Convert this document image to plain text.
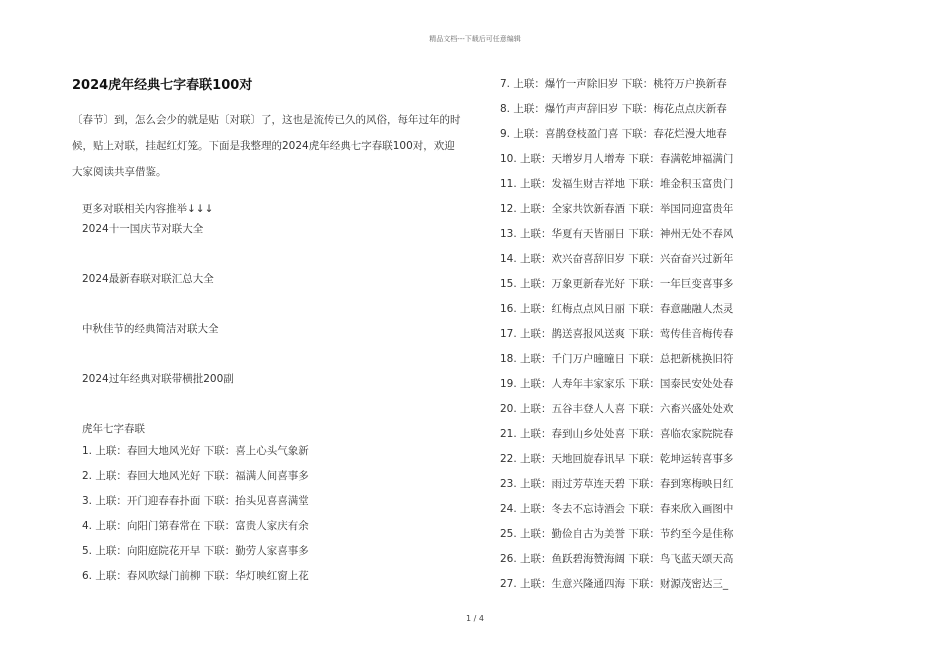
精品文档---下载后可任意编辑
2024虎年经典七字春联100对

〔春节〕到，怎么会少的就是贴〔对联〕了，这也是流传已久的风俗，每年过年的时候，贴上对联，挂起红灯笼。下面是我整理的2024虎年经典七字春联100对，欢迎大家阅读共享借鉴。

更多对联相关内容推举↓↓↓
2024十一国庆节对联大全
2024最新春联对联汇总大全
中秋佳节的经典简洁对联大全
2024过年经典对联带横批200副
虎年七字春联
1. 上联：春回大地风光好 下联：喜上心头气象新
2. 上联：春回大地风光好 下联：福满人间喜事多
3. 上联：开门迎春春扑面 下联：抬头见喜喜满堂
4. 上联：向阳门第春常在 下联：富贵人家庆有余
5. 上联：向阳庭院花开早 下联：勤劳人家喜事多
6. 上联：春风吹绿门前柳 下联：华灯映红窗上花
7. 上联：爆竹一声除旧岁 下联：桃符万户换新春
8. 上联：爆竹声声辞旧岁 下联：梅花点点庆新春
9. 上联：喜鹊登枝盈门喜 下联：春花烂漫大地春
10. 上联：天增岁月人增寿 下联：春满乾坤福满门
11. 上联：发福生财吉祥地 下联：堆金积玉富贵门
12. 上联：全家共饮新春酒 下联：举国同迎富贵年
13. 上联：华夏有天皆丽日 下联：神州无处不春风
14. 上联：欢兴奋喜辞旧岁 下联：兴奋奋兴过新年
15. 上联：万象更新春光好 下联：一年巨变喜事多
16. 上联：红梅点点风日丽 下联：春意融融人杰灵
17. 上联：鹊送喜报风送爽 下联：莺传佳音梅传春
18. 上联：千门万户曈曈日 下联：总把新桃换旧符
19. 上联：人寿年丰家家乐 下联：国泰民安处处春
20. 上联：五谷丰登人人喜 下联：六畜兴盛处处欢
21. 上联：春到山乡处处喜 下联：喜临农家院院春
22. 上联：天地回旋春讯早 下联：乾坤运转喜事多
23. 上联：雨过芳草连天碧 下联：春到寒梅映日红
24. 上联：冬去不忘诗酒会 下联：春来欣入画图中
25. 上联：勤俭自古为美誉 下联：节约至今是佳称
26. 上联：鱼跃碧海赞海阔 下联：鸟飞蓝天颂天高
27. 上联：生意兴隆通四海 下联：财源茂密达三_
1 / 4
